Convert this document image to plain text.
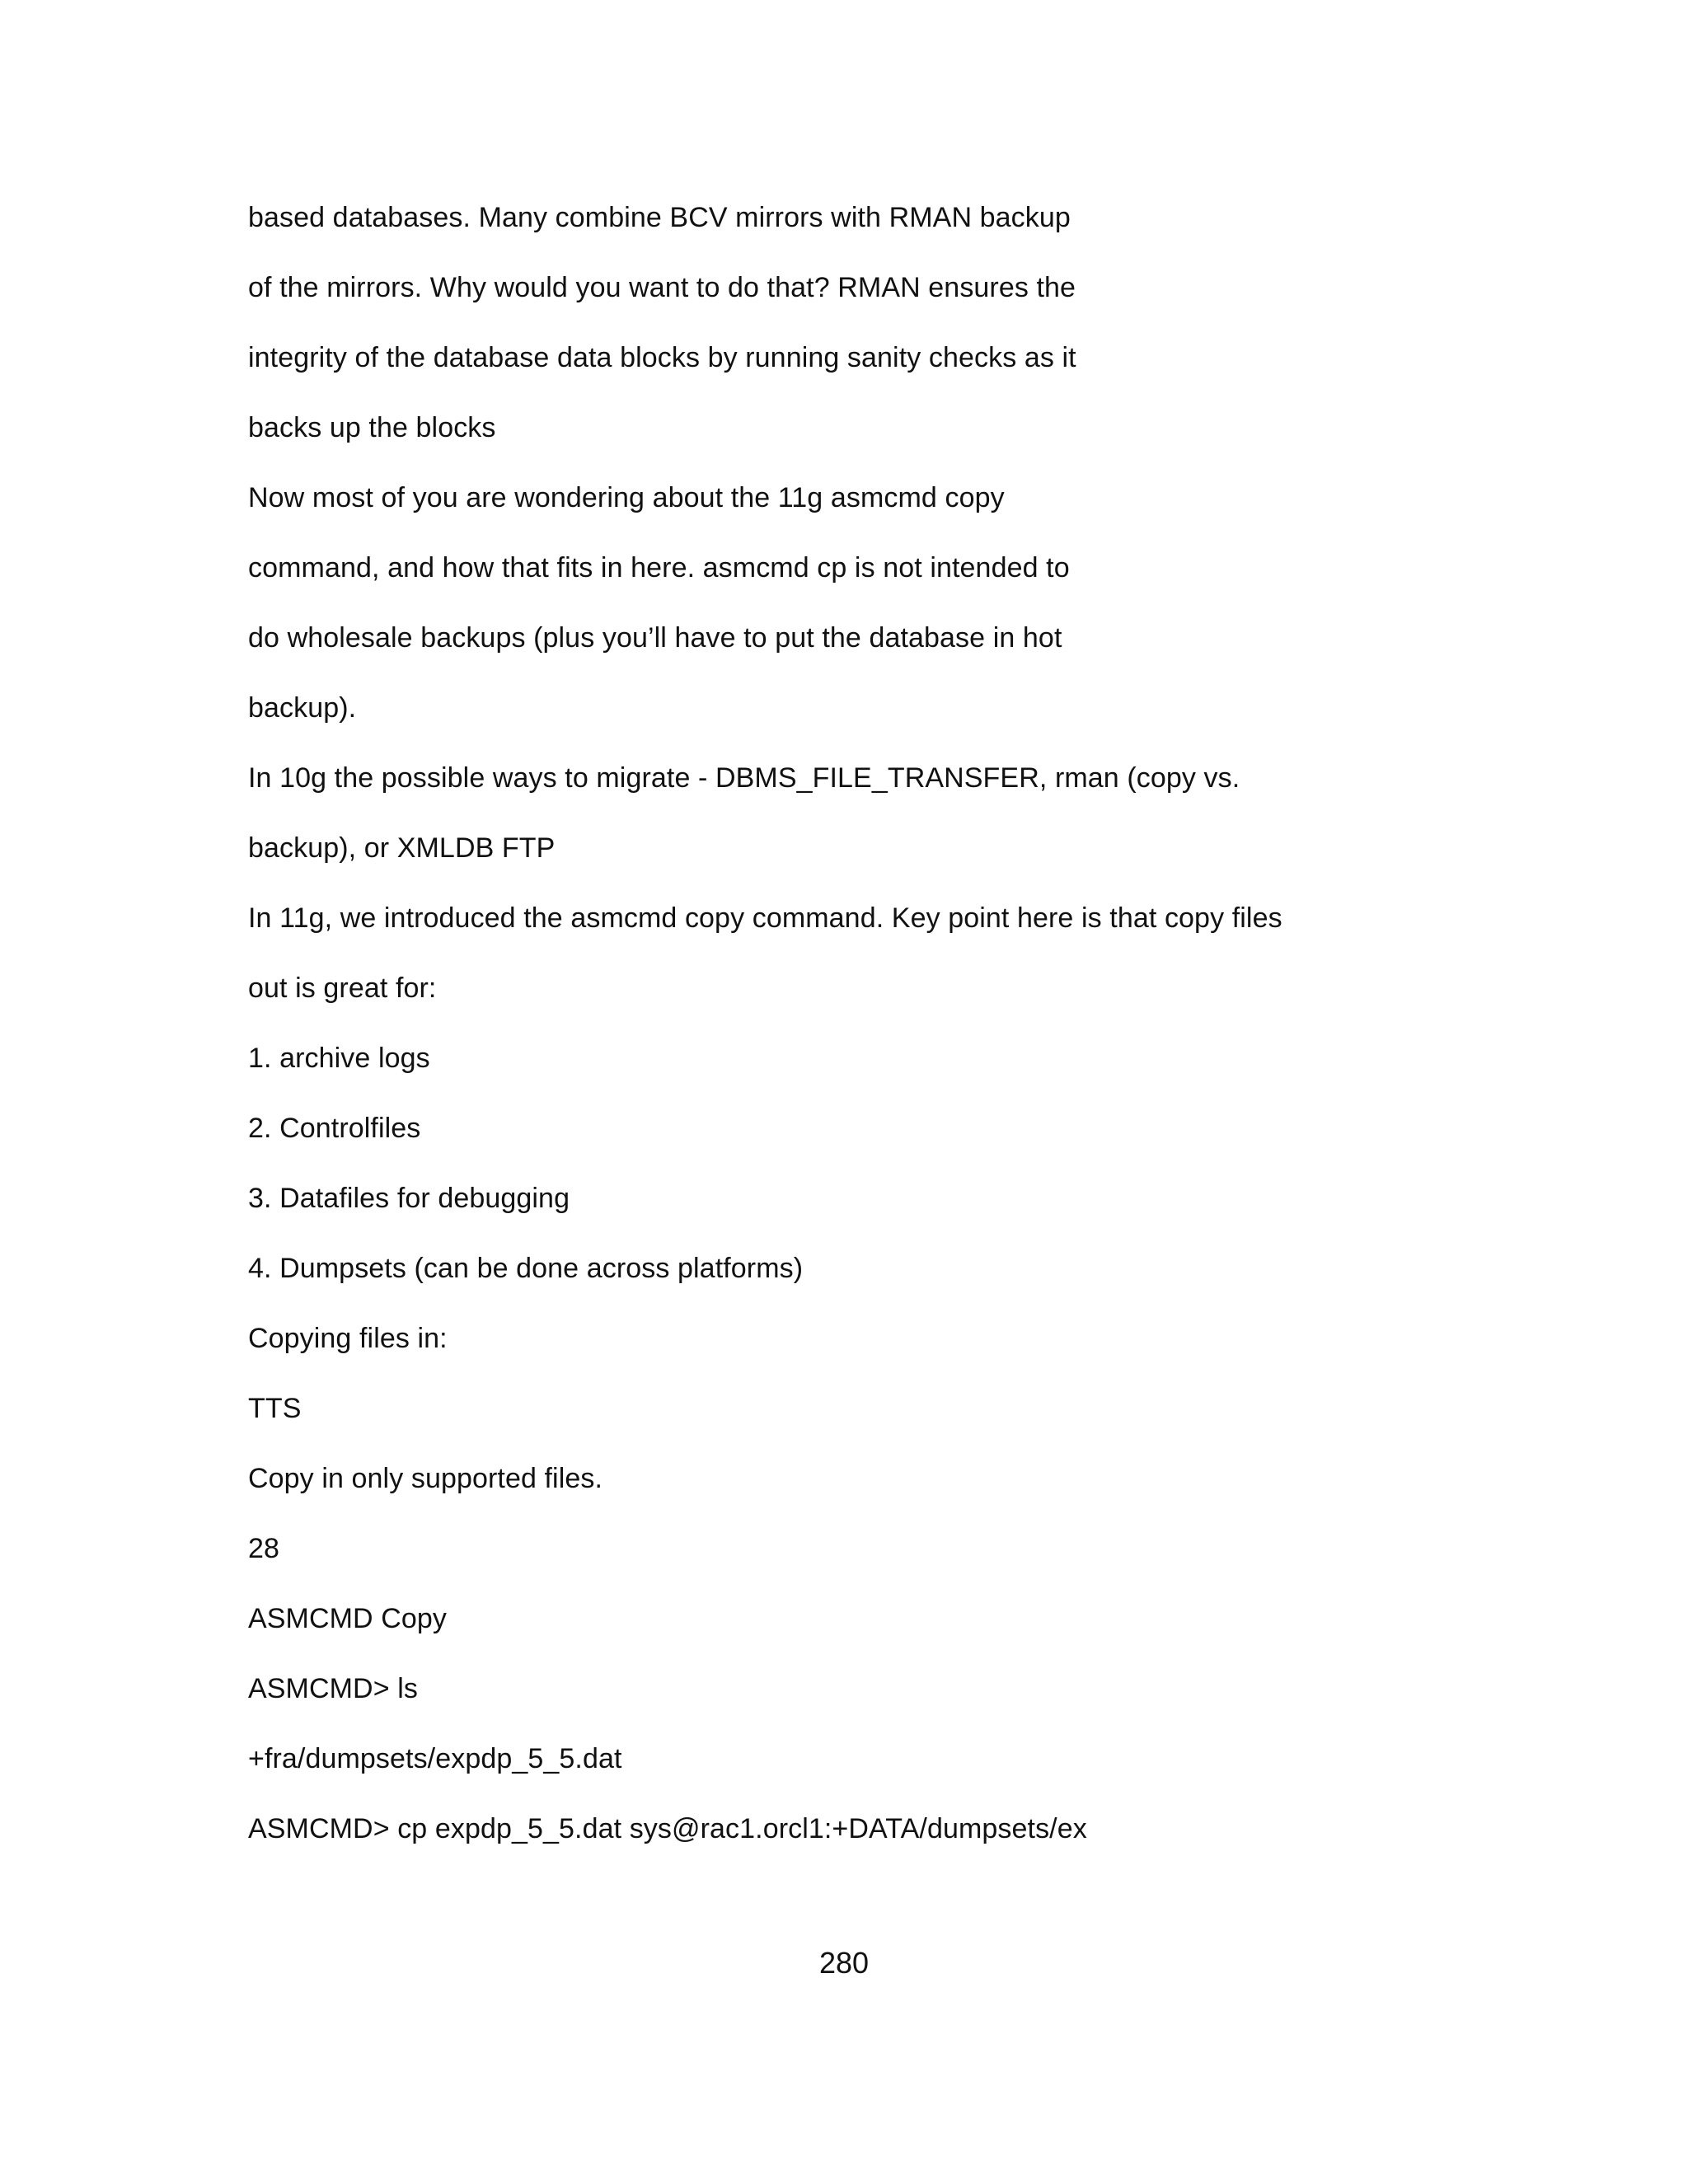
based databases. Many combine BCV mirrors with RMAN backup
of the mirrors. Why would you want to do that? RMAN ensures the
integrity of the database data blocks by running sanity checks as it
backs up the blocks
Now most of you are wondering about the 11g asmcmd copy
command, and how that fits in here. asmcmd cp is not intended to
do wholesale backups (plus you’ll have to put the database in hot
backup).
In 10g the possible ways to migrate - DBMS_FILE_TRANSFER, rman (copy vs.
backup), or XMLDB FTP
In 11g, we introduced the asmcmd copy command. Key point here is that copy files
out is great for:
1. archive logs
2. Controlfiles
3. Datafiles for debugging
4. Dumpsets (can be done across platforms)
Copying files in:
TTS
Copy in only supported files.
28
ASMCMD Copy
ASMCMD> ls
+fra/dumpsets/expdp_5_5.dat
ASMCMD> cp expdp_5_5.dat sys@rac1.orcl1:+DATA/dumpsets/ex
280
